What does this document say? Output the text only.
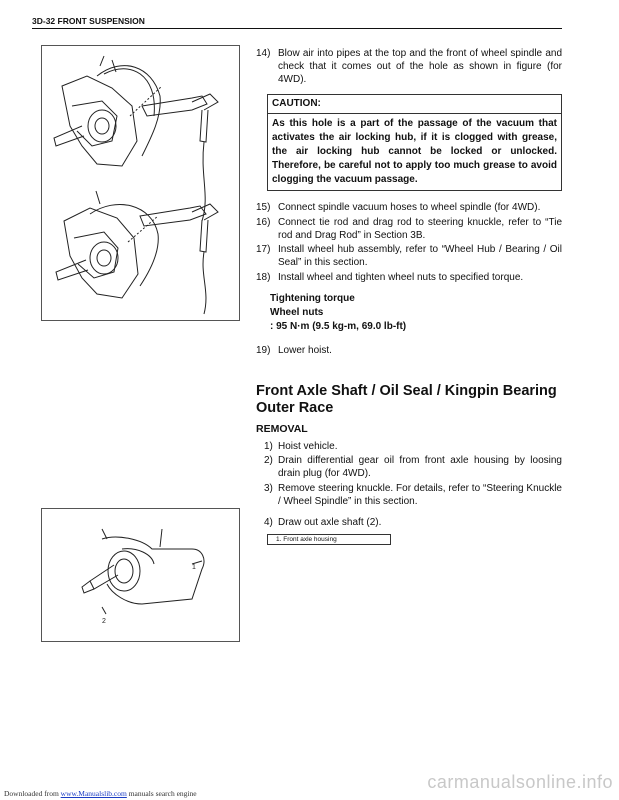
3D-32 FRONT SUSPENSION
14) Blow air into pipes at the top and the front of wheel spindle and check that it comes out of the hole as shown in figure (for 4WD).
CAUTION:
As this hole is a part of the passage of the vacuum that activates the air locking hub, if it is clogged with grease, the air locking hub cannot be locked or unlocked. Therefore, be careful not to apply too much grease to avoid clogging the vacuum passage.
15) Connect spindle vacuum hoses to wheel spindle (for 4WD).
16) Connect tie rod and drag rod to steering knuckle, refer to “Tie rod and Drag Rod” in Section 3B.
17) Install wheel hub assembly, refer to “Wheel Hub / Bearing / Oil Seal” in this section.
18) Install wheel and tighten wheel nuts to specified torque.
Tightening torque
Wheel nuts
: 95 N·m (9.5 kg-m, 69.0 lb-ft)
19) Lower hoist.
Front Axle Shaft / Oil Seal / Kingpin Bearing Outer Race
REMOVAL
1) Hoist vehicle.
2) Drain differential gear oil from front axle housing by loosing drain plug (for 4WD).
3) Remove steering knuckle. For details, refer to “Steering Knuckle / Wheel Spindle” in this section.
4) Draw out axle shaft (2).
1
2
1. Front axle housing
Downloaded from www.Manualslib.com manuals search engine
carmanualsonline.info
